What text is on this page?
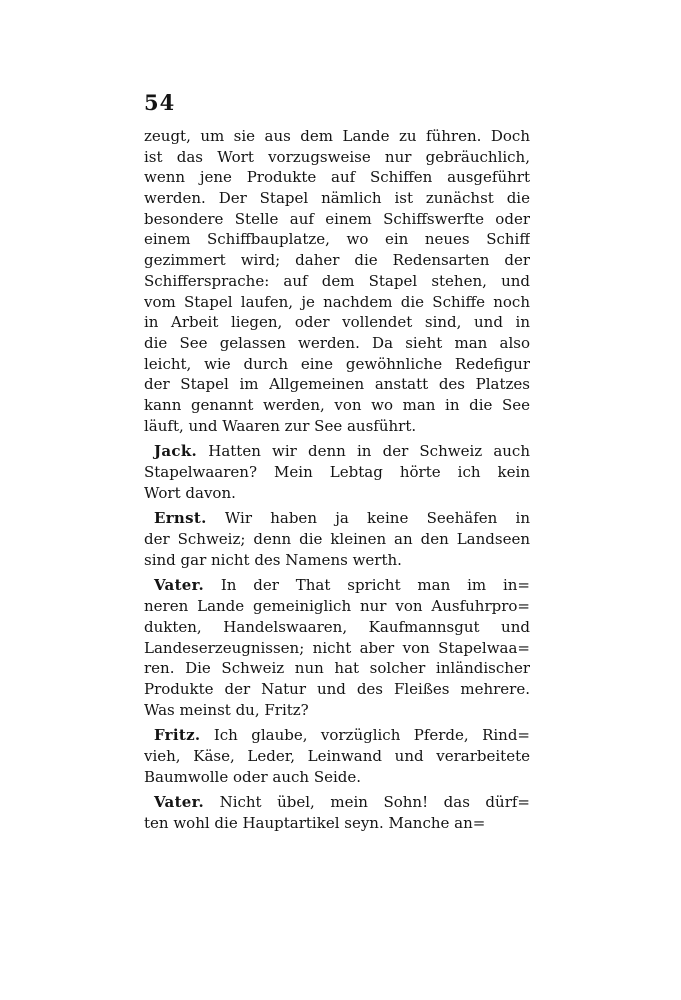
54
zeugt, um sie aus dem Lande zu führen. Doch
ist das Wort vorzugsweise nur gebräuchlich,
wenn jene Produkte auf Schiffen ausgeführt
werden. Der Stapel nämlich ist zunächst die
besondere Stelle auf einem Schiffswerfte oder
einem Schiffbauplatze, wo ein neues Schiff
gezimmert wird; daher die Redensarten der
Schiffersprache: auf dem Stapel stehen, und
vom Stapel laufen, je nachdem die Schiffe noch
in Arbeit liegen, oder vollendet sind, und in
die See gelassen werden. Da sieht man also
leicht, wie durch eine gewöhnliche Redefigur
der Stapel im Allgemeinen anstatt des Platzes
kann genannt werden, von wo man in die See
läuft, und Waaren zur See ausführt.
Jack. Hatten wir denn in der Schweiz auch
Stapelwaaren? Mein Lebtag hörte ich kein
Wort davon.
Ernst. Wir haben ja keine Seehäfen in
der Schweiz; denn die kleinen an den Landseen
sind gar nicht des Namens werth.
Vater. In der That spricht man im in=
neren Lande gemeiniglich nur von Ausfuhrpro=
dukten, Handelswaaren, Kaufmannsgut und
Landeserzeugnissen; nicht aber von Stapelwaa=
ren. Die Schweiz nun hat solcher inländischer
Produkte der Natur und des Fleißes mehrere.
Was meinst du, Fritz?
Fritz. Ich glaube, vorzüglich Pferde, Rind=
vieh, Käse, Leder, Leinwand und verarbeitete
Baumwolle oder auch Seide.
Vater. Nicht übel, mein Sohn! das dürf=
ten wohl die Hauptartikel seyn. Manche an=
